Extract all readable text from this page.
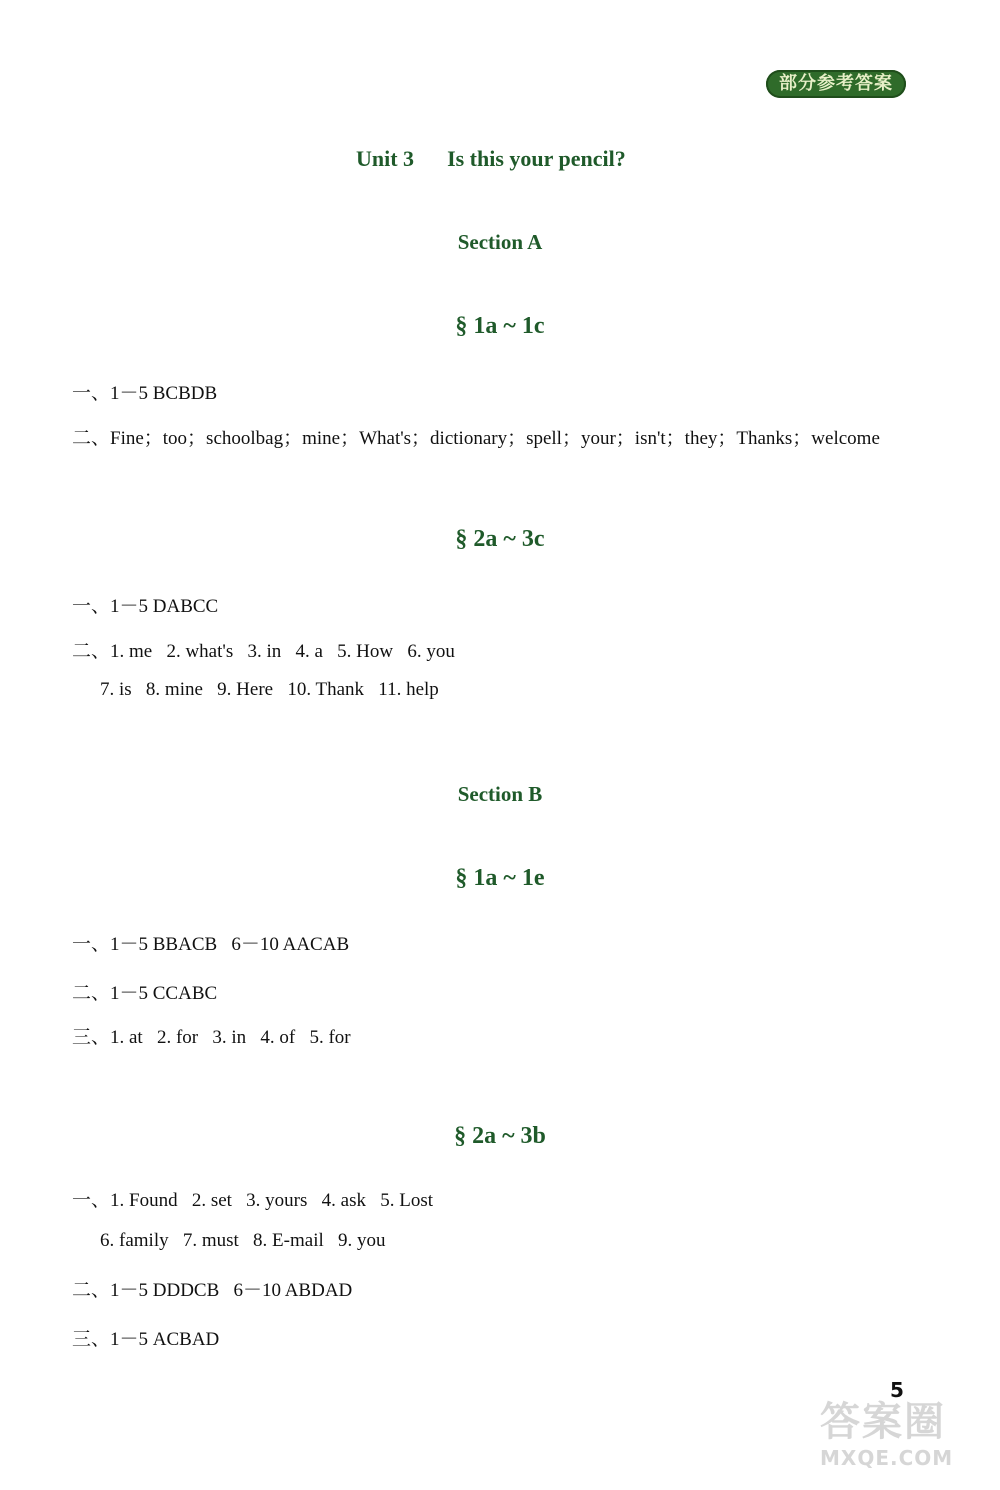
部分参考答案
Unit 3 Is this your pencil?
Section A
§ 1a ~ 1c
一、1－5 BCBDB
二、Fine；too；schoolbag；mine；What's；dictionary；spell；your；isn't；they；Thanks；welcome
§ 2a ~ 3c
一、1－5 DABCC
二、1. me   2. what's   3. in   4. a   5. How   6. you
7. is   8. mine   9. Here   10. Thank   11. help
Section B
§ 1a ~ 1e
一、1－5 BBACB   6－10 AACAB
二、1－5 CCABC
三、1. at   2. for   3. in   4. of   5. for
§ 2a ~ 3b
一、1. Found   2. set   3. yours   4. ask   5. Lost
6. family   7. must   8. E-mail   9. you
二、1－5 DDDCB   6－10 ABDAD
三、1－5 ACBAD
5
答案圈
MXQE.COM
